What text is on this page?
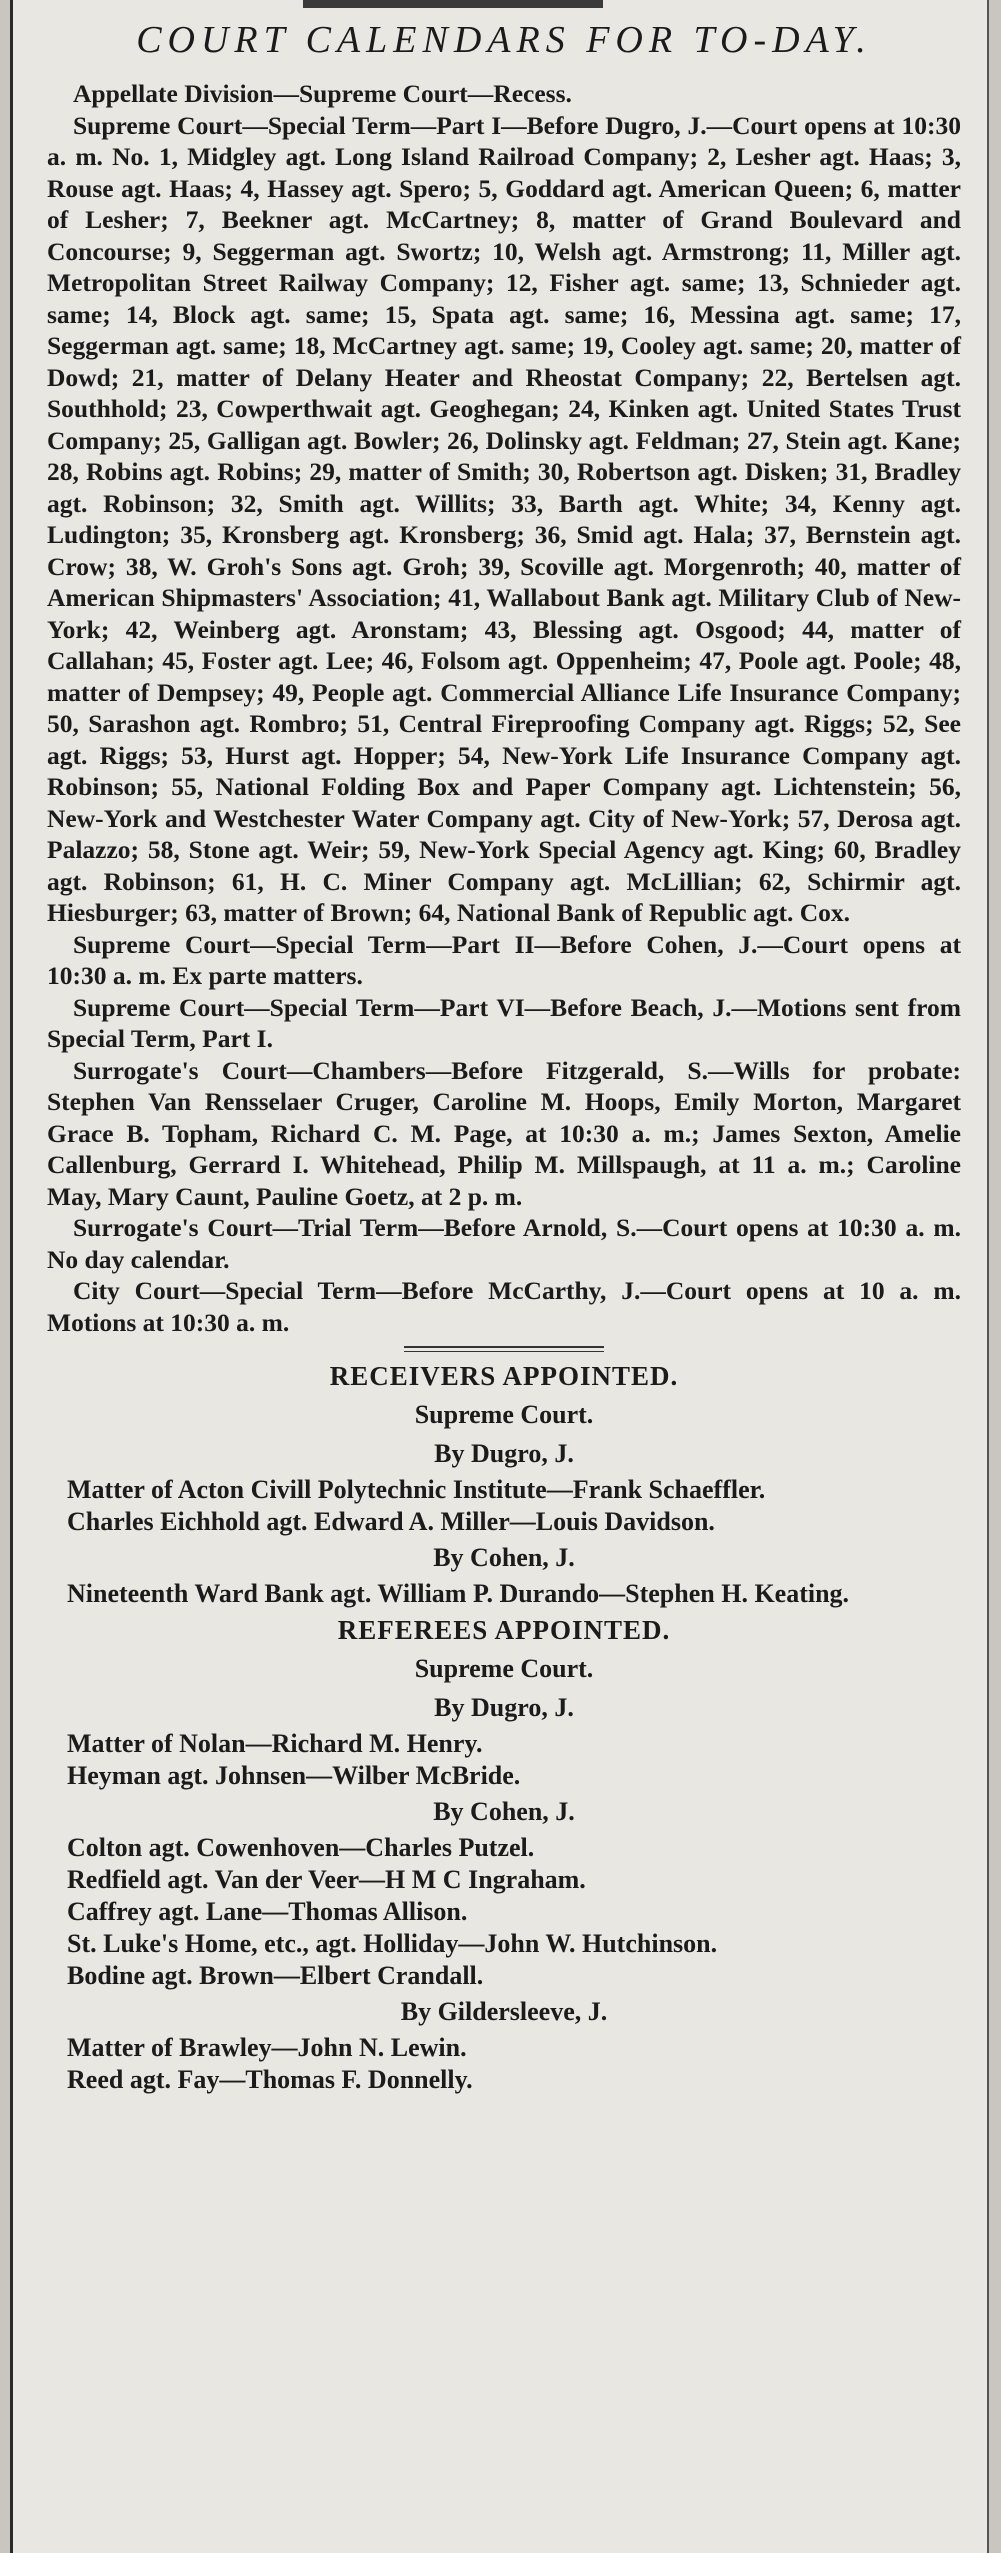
COURT CALENDARS FOR TO-DAY.

Appellate Division—Supreme Court—Recess.

Supreme Court—Special Term—Part I—Before Dugro, J.—Court opens at 10:30 a. m. No. 1, Midgley agt. Long Island Railroad Company; 2, Lesher agt. Haas; 3, Rouse agt. Haas; 4, Hassey agt. Spero; 5, Goddard agt. American Queen; 6, matter of Lesher; 7, Beekner agt. McCartney; 8, matter of Grand Boulevard and Concourse; 9, Seggerman agt. Swortz; 10, Welsh agt. Armstrong; 11, Miller agt. Metropolitan Street Railway Company; 12, Fisher agt. same; 13, Schnieder agt. same; 14, Block agt. same; 15, Spata agt. same; 16, Messina agt. same; 17, Seggerman agt. same; 18, McCartney agt. same; 19, Cooley agt. same; 20, matter of Dowd; 21, matter of Delany Heater and Rheostat Company; 22, Bertelsen agt. Southhold; 23, Cowperthwait agt. Geoghegan; 24, Kinken agt. United States Trust Company; 25, Galligan agt. Bowler; 26, Dolinsky agt. Feldman; 27, Stein agt. Kane; 28, Robins agt. Robins; 29, matter of Smith; 30, Robertson agt. Disken; 31, Bradley agt. Robinson; 32, Smith agt. Willits; 33, Barth agt. White; 34, Kenny agt. Ludington; 35, Kronsberg agt. Kronsberg; 36, Smid agt. Hala; 37, Bernstein agt. Crow; 38, W. Groh's Sons agt. Groh; 39, Scoville agt. Morgenroth; 40, matter of American Shipmasters' Association; 41, Wallabout Bank agt. Military Club of New-York; 42, Weinberg agt. Aronstam; 43, Blessing agt. Osgood; 44, matter of Callahan; 45, Foster agt. Lee; 46, Folsom agt. Oppenheim; 47, Poole agt. Poole; 48, matter of Dempsey; 49, People agt. Commercial Alliance Life Insurance Company; 50, Sarashon agt. Rombro; 51, Central Fireproofing Company agt. Riggs; 52, See agt. Riggs; 53, Hurst agt. Hopper; 54, New-York Life Insurance Company agt. Robinson; 55, National Folding Box and Paper Company agt. Lichtenstein; 56, New-York and Westchester Water Company agt. City of New-York; 57, Derosa agt. Palazzo; 58, Stone agt. Weir; 59, New-York Special Agency agt. King; 60, Bradley agt. Robinson; 61, H. C. Miner Company agt. McLillian; 62, Schirmir agt. Hiesburger; 63, matter of Brown; 64, National Bank of Republic agt. Cox.

Supreme Court—Special Term—Part II—Before Cohen, J.—Court opens at 10:30 a. m. Ex parte matters.

Supreme Court—Special Term—Part VI—Before Beach, J.—Motions sent from Special Term, Part I.

Surrogate's Court—Chambers—Before Fitzgerald, S.—Wills for probate: Stephen Van Rensselaer Cruger, Caroline M. Hoops, Emily Morton, Margaret Grace B. Topham, Richard C. M. Page, at 10:30 a. m.; James Sexton, Amelie Callenburg, Gerrard I. Whitehead, Philip M. Millspaugh, at 11 a. m.; Caroline May, Mary Caunt, Pauline Goetz, at 2 p. m.

Surrogate's Court—Trial Term—Before Arnold, S.—Court opens at 10:30 a. m. No day calendar.

City Court—Special Term—Before McCarthy, J.—Court opens at 10 a. m. Motions at 10:30 a. m.

RECEIVERS APPOINTED.

Supreme Court.

By Dugro, J.

Matter of Acton Civill Polytechnic Institute—Frank Schaeffler.

Charles Eichhold agt. Edward A. Miller—Louis Davidson.

By Cohen, J.

Nineteenth Ward Bank agt. William P. Durando—Stephen H. Keating.

REFEREES APPOINTED.

Supreme Court.

By Dugro, J.

Matter of Nolan—Richard M. Henry.

Heyman agt. Johnsen—Wilber McBride.

By Cohen, J.

Colton agt. Cowenhoven—Charles Putzel.

Redfield agt. Van der Veer—H M C Ingraham.

Caffrey agt. Lane—Thomas Allison.

St. Luke's Home, etc., agt. Holliday—John W. Hutchinson.

Bodine agt. Brown—Elbert Crandall.

By Gildersleeve, J.

Matter of Brawley—John N. Lewin.

Reed agt. Fay—Thomas F. Donnelly.
